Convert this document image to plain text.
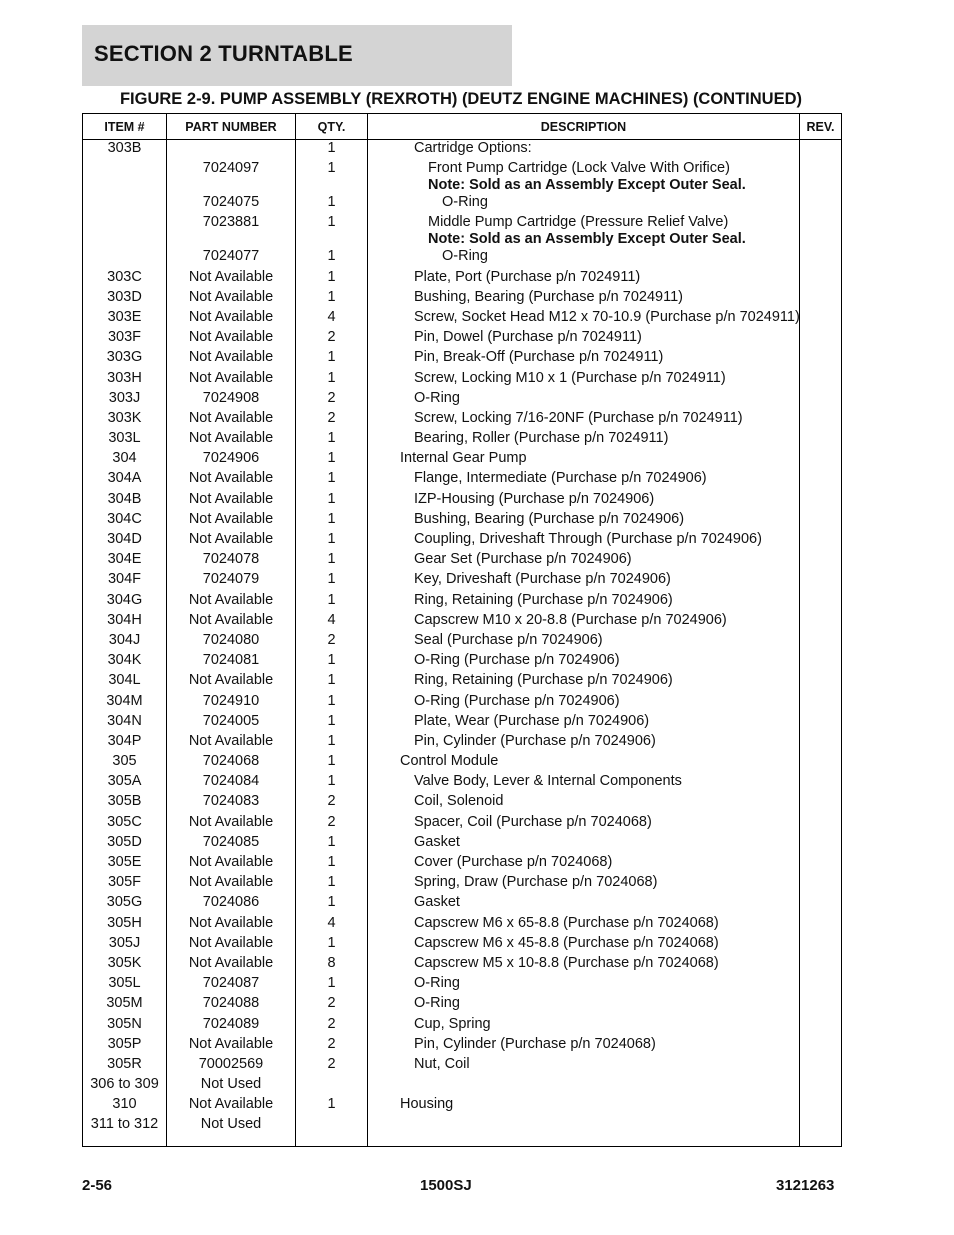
SECTION 2 TURNTABLE
FIGURE 2-9. PUMP ASSEMBLY (REXROTH) (DEUTZ ENGINE MACHINES) (CONTINUED)
ITEM #	PART NUMBER	QTY.	DESCRIPTION	REV.
303B		1	Cartridge Options:	

	7024097	1	Front Pump Cartridge (Lock Valve With Orifice)
Note: Sold as an Assembly Except Outer Seal.	

	7024075	1	O-Ring	

	7023881	1	Middle Pump Cartridge (Pressure Relief Valve)
Note: Sold as an Assembly Except Outer Seal.	

	7024077	1	O-Ring	

303C	Not Available	1	Plate, Port (Purchase p/n 7024911)	

303D	Not Available	1	Bushing, Bearing (Purchase p/n 7024911)	

303E	Not Available	4	Screw, Socket Head M12 x 70-10.9 (Purchase p/n 7024911)	

303F	Not Available	2	Pin, Dowel (Purchase p/n 7024911)	

303G	Not Available	1	Pin, Break-Off (Purchase p/n 7024911)	

303H	Not Available	1	Screw, Locking M10 x 1 (Purchase p/n 7024911)	

303J	7024908	2	O-Ring	

303K	Not Available	2	Screw, Locking 7/16-20NF (Purchase p/n 7024911)	

303L	Not Available	1	Bearing, Roller (Purchase p/n 7024911)	

304	7024906	1	Internal Gear Pump	

304A	Not Available	1	Flange, Intermediate (Purchase p/n 7024906)	

304B	Not Available	1	IZP-Housing (Purchase p/n 7024906)	

304C	Not Available	1	Bushing, Bearing (Purchase p/n 7024906)	

304D	Not Available	1	Coupling, Driveshaft Through (Purchase p/n 7024906)	

304E	7024078	1	Gear Set (Purchase p/n 7024906)	

304F	7024079	1	Key, Driveshaft (Purchase p/n 7024906)	

304G	Not Available	1	Ring, Retaining (Purchase p/n 7024906)	

304H	Not Available	4	Capscrew M10 x 20-8.8 (Purchase p/n 7024906)	

304J	7024080	2	Seal (Purchase p/n 7024906)	

304K	7024081	1	O-Ring (Purchase p/n 7024906)	

304L	Not Available	1	Ring, Retaining (Purchase p/n 7024906)	

304M	7024910	1	O-Ring (Purchase p/n 7024906)	

304N	7024005	1	Plate, Wear (Purchase p/n 7024906)	

304P	Not Available	1	Pin, Cylinder (Purchase p/n 7024906)	

305	7024068	1	Control Module	

305A	7024084	1	Valve Body, Lever & Internal Components	

305B	7024083	2	Coil, Solenoid	

305C	Not Available	2	Spacer, Coil (Purchase p/n 7024068)	

305D	7024085	1	Gasket	

305E	Not Available	1	Cover (Purchase p/n 7024068)	

305F	Not Available	1	Spring, Draw (Purchase p/n 7024068)	

305G	7024086	1	Gasket	

305H	Not Available	4	Capscrew M6 x 65-8.8 (Purchase p/n 7024068)	

305J	Not Available	1	Capscrew M6 x 45-8.8 (Purchase p/n 7024068)	

305K	Not Available	8	Capscrew M5 x 10-8.8 (Purchase p/n 7024068)	

305L	7024087	1	O-Ring	

305M	7024088	2	O-Ring	

305N	7024089	2	Cup, Spring	

305P	Not Available	2	Pin, Cylinder (Purchase p/n 7024068)	

305R	70002569	2	Nut, Coil	

306 to 309	Not Used		

310	Not Available	1	Housing	

311 to 312	Not Used		

2-56	1500SJ	3121263
